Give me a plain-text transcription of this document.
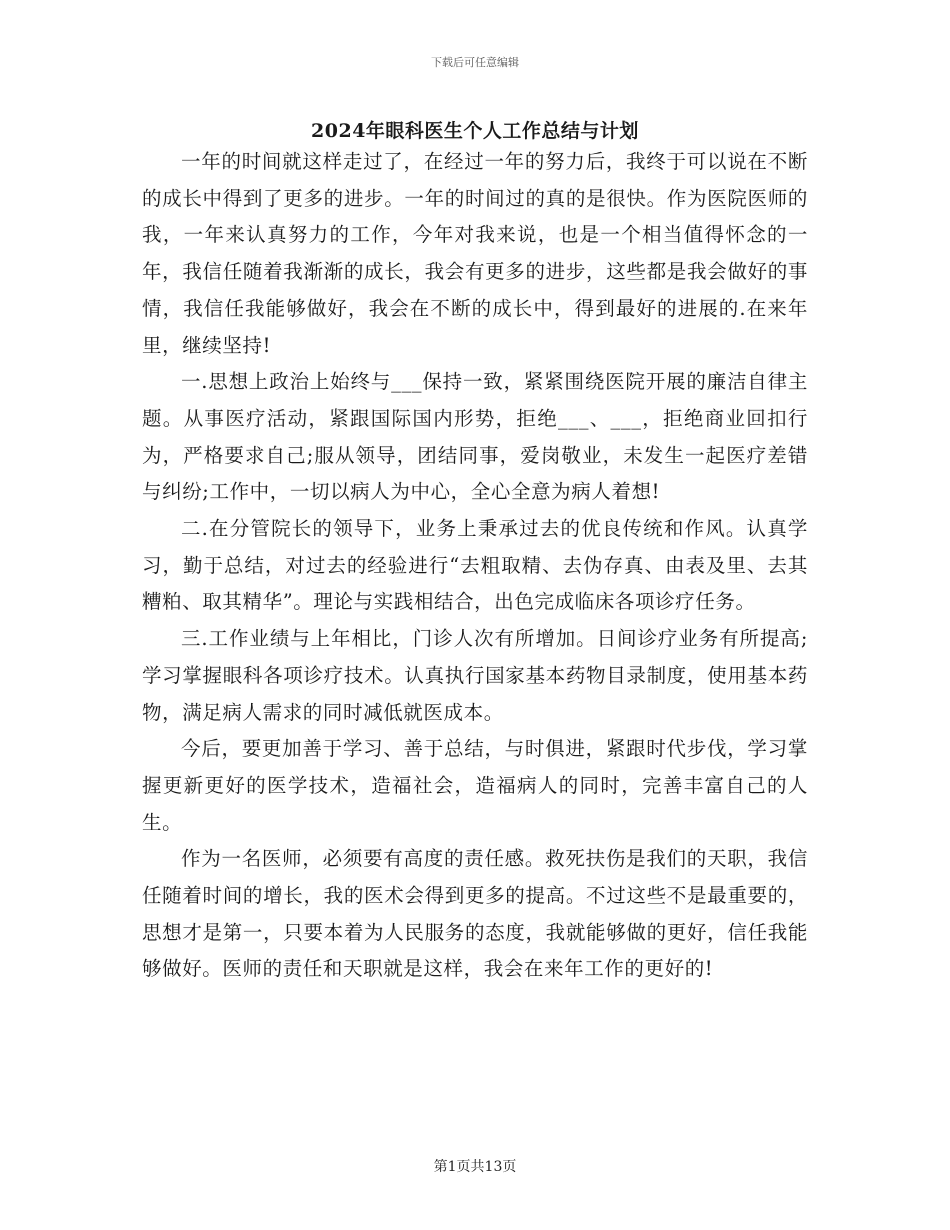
下载后可任意编辑
2024年眼科医生个人工作总结与计划

一年的时间就这样走过了，在经过一年的努力后，我终于可以说在不断的成长中得到了更多的进步。一年的时间过的真的是很快。作为医院医师的我，一年来认真努力的工作，今年对我来说，也是一个相当值得怀念的一年，我信任随着我渐渐的成长，我会有更多的进步，这些都是我会做好的事情，我信任我能够做好，我会在不断的成长中，得到最好的进展的.在来年里，继续坚持!

一.思想上政治上始终与___保持一致，紧紧围绕医院开展的廉洁自律主题。从事医疗活动，紧跟国际国内形势，拒绝___、___，拒绝商业回扣行为，严格要求自己;服从领导，团结同事，爱岗敬业，未发生一起医疗差错与纠纷;工作中，一切以病人为中心，全心全意为病人着想!

二.在分管院长的领导下，业务上秉承过去的优良传统和作风。认真学习，勤于总结，对过去的经验进行“去粗取精、去伪存真、由表及里、去其糟粕、取其精华”。理论与实践相结合，出色完成临床各项诊疗任务。

三.工作业绩与上年相比，门诊人次有所增加。日间诊疗业务有所提高;学习掌握眼科各项诊疗技术。认真执行国家基本药物目录制度，使用基本药物，满足病人需求的同时减低就医成本。

今后，要更加善于学习、善于总结，与时俱进，紧跟时代步伐，学习掌握更新更好的医学技术，造福社会，造福病人的同时，完善丰富自己的人生。

作为一名医师，必须要有高度的责任感。救死扶伤是我们的天职，我信任随着时间的增长，我的医术会得到更多的提高。不过这些不是最重要的，思想才是第一，只要本着为人民服务的态度，我就能够做的更好，信任我能够做好。医师的责任和天职就是这样，我会在来年工作的更好的!

第1页共13页
